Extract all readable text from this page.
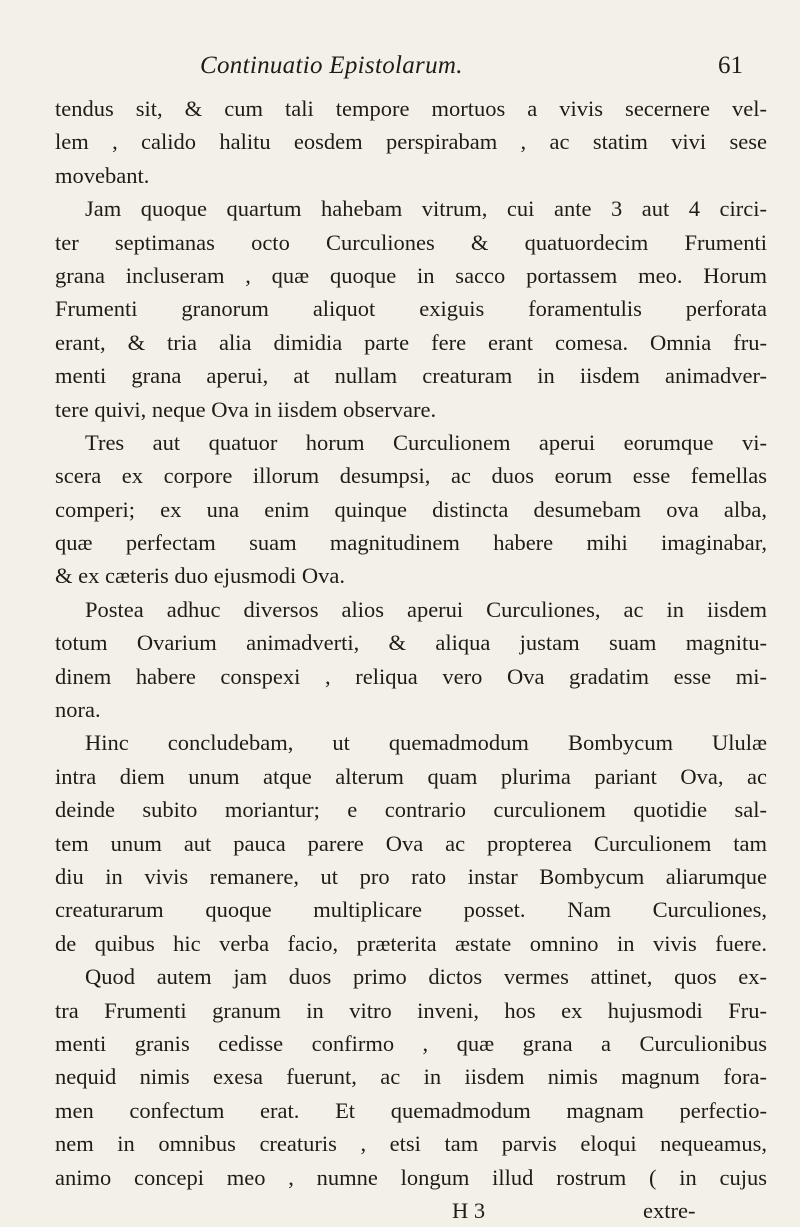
Continuatio Epistolarum.	61
tendus sit, & cum tali tempore mortuos a vivis secernere vel-
lem , calido halitu eosdem perspirabam , ac statim vivi sese
movebant.
Jam quoque quartum hahebam vitrum, cui ante 3 aut 4 circi-
ter septimanas octo Curculiones & quatuordecim Frumenti
grana incluseram , quæ quoque in sacco portassem meo. Horum
Frumenti granorum aliquot exiguis foramentulis perforata
erant, & tria alia dimidia parte fere erant comesa. Omnia fru-
menti grana aperui, at nullam creaturam in iisdem animadver-
tere quivi, neque Ova in iisdem observare.
Tres aut quatuor horum Curculionem aperui eorumque vi-
scera ex corpore illorum desumpsi, ac duos eorum esse femellas
comperi; ex una enim quinque distincta desumebam ova alba,
quæ perfectam suam magnitudinem habere mihi imaginabar,
& ex cæteris duo ejusmodi Ova.
Postea adhuc diversos alios aperui Curculiones, ac in iisdem
totum Ovarium animadverti, & aliqua justam suam magnitu-
dinem habere conspexi , reliqua vero Ova gradatim esse mi-
nora.
Hinc concludebam, ut quemadmodum Bombycum Ululæ
intra diem unum atque alterum quam plurima pariant Ova, ac
deinde subito moriantur; e contrario curculionem quotidie sal-
tem unum aut pauca parere Ova ac propterea Curculionem tam
diu in vivis remanere, ut pro rato instar Bombycum aliarumque
creaturarum quoque multiplicare posset. Nam Curculiones,
de quibus hic verba facio, præterita æstate omnino in vivis fuere.
Quod autem jam duos primo dictos vermes attinet, quos ex-
tra Frumenti granum in vitro inveni, hos ex hujusmodi Fru-
menti granis cedisse confirmo , quæ grana a Curculionibus
nequid nimis exesa fuerunt, ac in iisdem nimis magnum fora-
men confectum erat. Et quemadmodum magnam perfectio-
nem in omnibus creaturis , etsi tam parvis eloqui nequeamus,
animo concepi meo , numne longum illud rostrum ( in cujus
H 3	extre-
